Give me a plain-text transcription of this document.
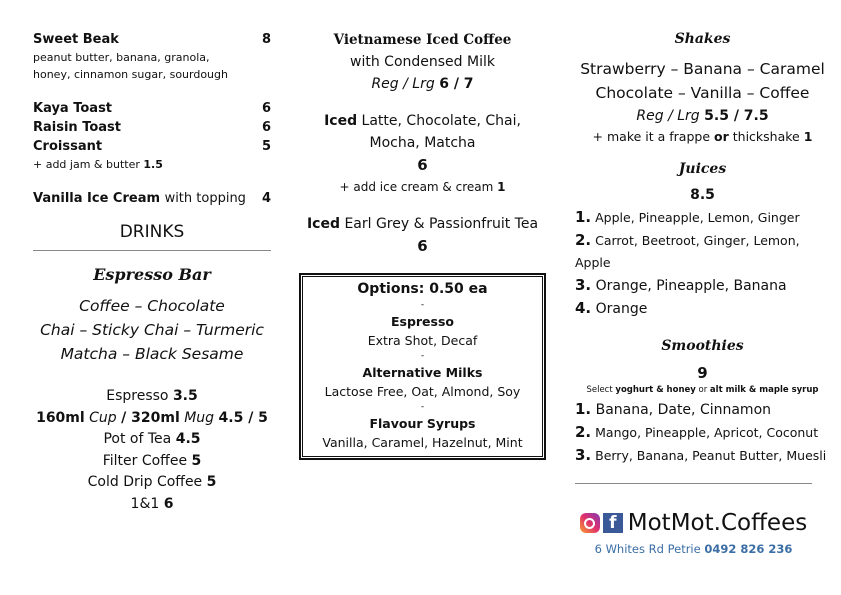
Sweet Beak	8
peanut butter, banana, granola, honey, cinnamon sugar, sourdough
Kaya Toast	6
Raisin Toast	6
Croissant	5
+ add jam & butter 1.5
Vanilla Ice Cream with topping 4
DRINKS
Espresso Bar
Coffee – Chocolate
Chai – Sticky Chai – Turmeric
Matcha – Black Sesame
Espresso 3.5
160ml Cup / 320ml Mug 4.5 / 5
Pot of Tea 4.5
Filter Coffee 5
Cold Drip Coffee 5
1&1 6
Vietnamese Iced Coffee
with Condensed Milk
Reg / Lrg 6 / 7
Iced Latte, Chocolate, Chai, Mocha, Matcha
6
+ add ice cream & cream 1
Iced Earl Grey & Passionfruit Tea
6
Options: 0.50 ea
-
Espresso
Extra Shot, Decaf
-
Alternative Milks
Lactose Free, Oat, Almond, Soy
-
Flavour Syrups
Vanilla, Caramel, Hazelnut, Mint
Shakes
Strawberry – Banana – Caramel
Chocolate – Vanilla – Coffee
Reg / Lrg 5.5 / 7.5
+ make it a frappe or thickshake 1
Juices
8.5
1. Apple, Pineapple, Lemon, Ginger
2. Carrot, Beetroot, Ginger, Lemon, Apple
3. Orange, Pineapple, Banana
4. Orange
Smoothies
9
Select yoghurt & honey or alt milk & maple syrup
1. Banana, Date, Cinnamon
2. Mango, Pineapple, Apricot, Coconut
3. Berry, Banana, Peanut Butter, Muesli
f MotMot.Coffees
6 Whites Rd Petrie 0492 826 236
